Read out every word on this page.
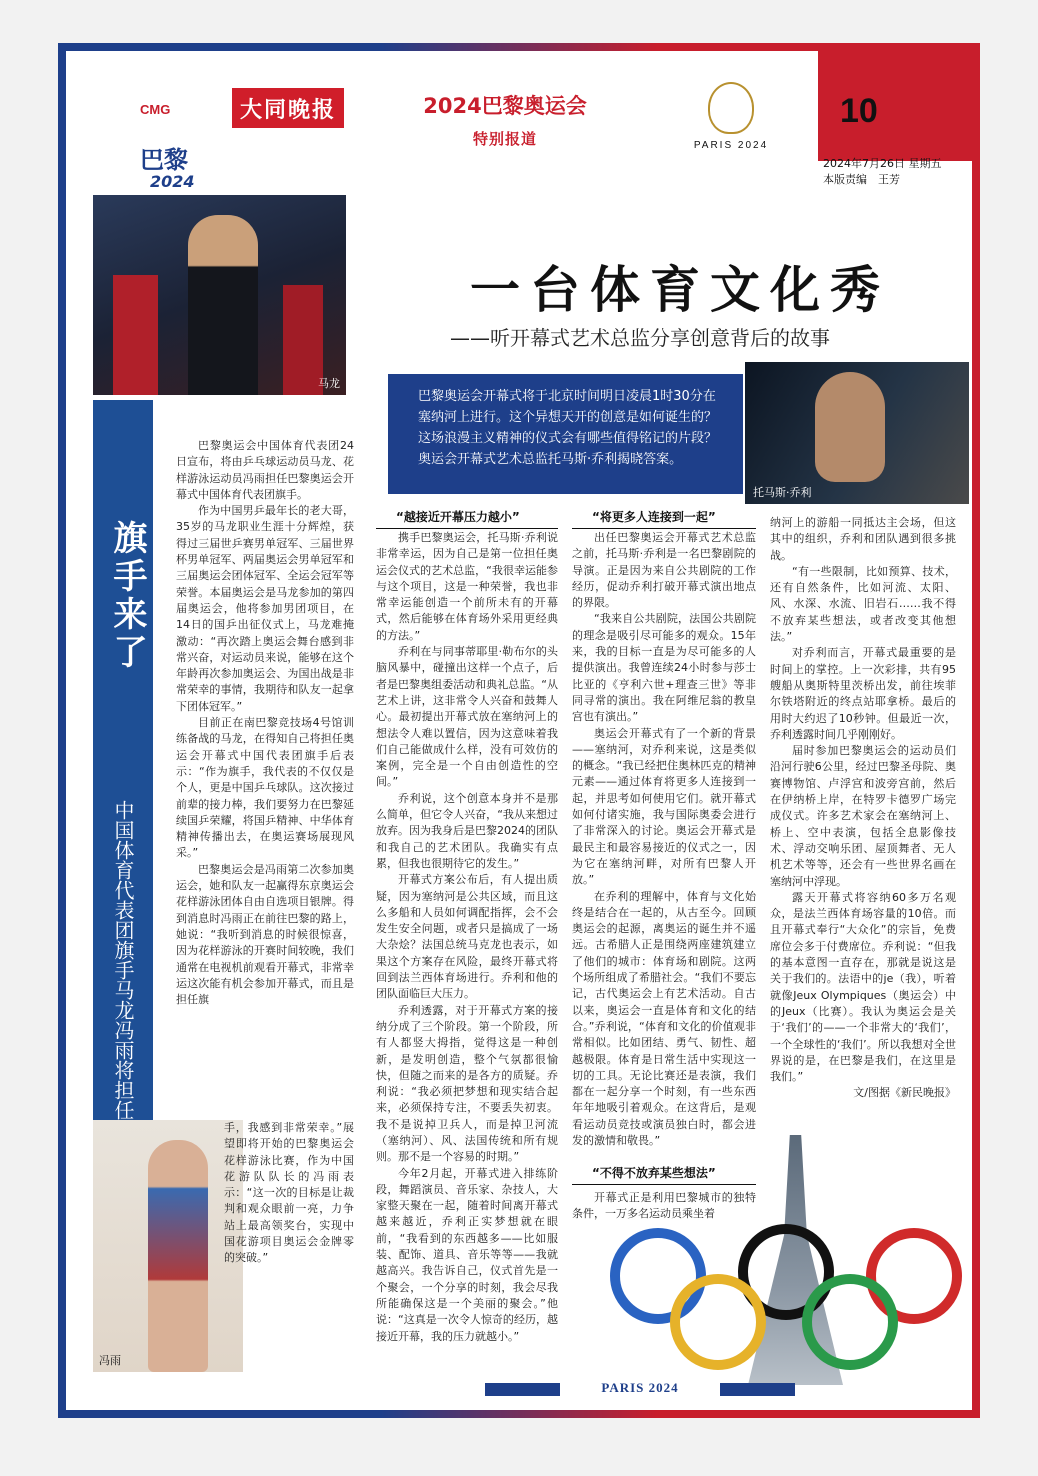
CMG
巴黎
2024
大同晚报	2024巴黎奥运会
特别报道	PARIS 2024
10
2024年7月26日 星期五
本版责编　王芳
马龙
一台体育文化秀
——听开幕式艺术总监分享创意背后的故事
巴黎奥运会开幕式将于北京时间明日凌晨1时30分在塞纳河上进行。这个异想天开的创意是如何诞生的？这场浪漫主义精神的仪式会有哪些值得铭记的片段？奥运会开幕式艺术总监托马斯·乔利揭晓答案。
托马斯·乔利
旗手来了
中国体育代表团旗手马龙冯雨将担任

巴黎奥运会中国体育代表团24日宣布，将由乒乓球运动员马龙、花样游泳运动员冯雨担任巴黎奥运会开幕式中国体育代表团旗手。

作为中国男乒最年长的老大哥，35岁的马龙职业生涯十分辉煌，获得过三届世乒赛男单冠军、三届世界杯男单冠军、两届奥运会男单冠军和三届奥运会团体冠军、全运会冠军等荣誉。本届奥运会是马龙参加的第四届奥运会，他将参加男团项目，在14日的国乒出征仪式上，马龙难掩激动：“再次踏上奥运会舞台感到非常兴奋，对运动员来说，能够在这个年龄再次参加奥运会、为国出战是非常荣幸的事情，我期待和队友一起拿下团体冠军。”

目前正在南巴黎竞技场4号馆训练备战的马龙，在得知自己将担任奥运会开幕式中国代表团旗手后表示：“作为旗手，我代表的不仅仅是个人，更是中国乒乓球队。这次接过前辈的接力棒，我们要努力在巴黎延续国乒荣耀，将国乒精神、中华体育精神传播出去，在奥运赛场展现风采。”

巴黎奥运会是冯雨第二次参加奥运会，她和队友一起赢得东京奥运会花样游泳团体自由自选项目银牌。得到消息时冯雨正在前往巴黎的路上，她说：“我听到消息的时候很惊喜，因为花样游泳的开赛时间较晚，我们通常在电视机前观看开幕式，非常幸运这次能有机会参加开幕式，而且是担任旗

冯雨

手，我感到非常荣幸。”展望即将开始的巴黎奥运会花样游泳比赛，作为中国花游队队长的冯雨表示：“这一次的目标是让裁判和观众眼前一亮，力争站上最高领奖台，实现中国花游项目奥运会金牌零的突破。”

“越接近开幕压力越小”

携手巴黎奥运会，托马斯·乔利说非常幸运，因为自己是第一位担任奥运会仪式的艺术总监，“我很幸运能参与这个项目，这是一种荣誉，我也非常幸运能创造一个前所未有的开幕式，然后能够在体育场外采用更经典的方法。”

乔利在与同事蒂耶里·勒布尔的头脑风暴中，碰撞出这样一个点子，后者是巴黎奥组委活动和典礼总监。“从艺术上讲，这非常令人兴奋和鼓舞人心。最初提出开幕式放在塞纳河上的想法令人难以置信，因为这意味着我们自己能做成什么样，没有可效仿的案例，完全是一个自由创造性的空间。”

乔利说，这个创意本身并不是那么简单，但它令人兴奋，“我从来想过放弃。因为我身后是巴黎2024的团队和我自己的艺术团队。我确实有点累，但我也很期待它的发生。”

开幕式方案公布后，有人提出质疑，因为塞纳河是公共区域，而且这么多船和人员如何调配指挥，会不会发生安全问题，或者只是搞成了一场大杂烩？法国总统马克龙也表示，如果这个方案存在风险，最终开幕式将回到法兰西体育场进行。乔利和他的团队面临巨大压力。

乔利透露，对于开幕式方案的接纳分成了三个阶段。第一个阶段，所有人都竖大拇指，觉得这是一种创新，是发明创造，整个气氛都很愉快，但随之而来的是各方的质疑。乔利说：“我必须把梦想和现实结合起来，必须保持专注，不要丢失初衷。我不是说掉卫兵人，而是掉卫河流（塞纳河）、风、法国传统和所有规则。那不是一个容易的时期。”

今年2月起，开幕式进入排练阶段，舞蹈演员、音乐家、杂技人，大家整天聚在一起，随着时间离开幕式越来越近，乔利正实梦想就在眼前，“我看到的东西越多——比如服装、配饰、道具、音乐等等——我就越高兴。我告诉自己，仪式首先是一个聚会，一个分享的时刻，我会尽我所能确保这是一个美丽的聚会。”他说：“这真是一次令人惊奇的经历，越接近开幕，我的压力就越小。”

“将更多人连接到一起”

出任巴黎奥运会开幕式艺术总监之前，托马斯·乔利是一名巴黎剧院的导演。正是因为来自公共剧院的工作经历，促动乔利打破开幕式演出地点的界限。

“我来自公共剧院，法国公共剧院的理念是吸引尽可能多的观众。15年来，我的目标一直是为尽可能多的人提供演出。我曾连续24小时参与莎士比亚的《亨利六世+理查三世》等非同寻常的演出。我在阿维尼翁的教皇宫也有演出。”

奥运会开幕式有了一个新的背景——塞纳河，对乔利来说，这是类似的概念。“我已经把住奥林匹克的精神元素——通过体育将更多人连接到一起，并思考如何使用它们。就开幕式如何付诸实施，我与国际奥委会进行了非常深入的讨论。奥运会开幕式是最民主和最容易接近的仪式之一，因为它在塞纳河畔，对所有巴黎人开放。”

在乔利的理解中，体育与文化始终是结合在一起的，从古至今。回顾奥运会的起源，离奥运的诞生并不遥远。古希腊人正是围绕两座建筑建立了他们的城市：体育场和剧院。这两个场所组成了希腊社会。“我们不要忘记，古代奥运会上有艺术活动。自古以来，奥运会一直是体育和文化的结合。”乔利说，“体育和文化的价值观非常相似。比如团结、勇气、韧性、超越极限。体育是日常生活中实现这一切的工具。无论比赛还是表演，我们都在一起分享一个时刻，有一些东西年年地吸引着观众。在这背后，是观看运动员竞技或演员独白时，都会进发的激情和敬畏。”

“不得不放弃某些想法”

开幕式正是利用巴黎城市的独特条件，一万多名运动员乘坐着

纳河上的游船一同抵达主会场，但这其中的组织，乔利和团队遇到很多挑战。

“有一些限制，比如预算、技术，还有自然条件，比如河流、太阳、风、水深、水流、旧岩石……我不得不放弃某些想法，或者改变其他想法。”

对乔利而言，开幕式最重要的是时间上的掌控。上一次彩排，共有95艘船从奥斯特里茨桥出发，前往埃菲尔铁塔附近的终点站耶拿桥。最后的用时大约迟了10秒钟。但最近一次，乔利透露时间几乎刚刚好。

届时参加巴黎奥运会的运动员们沿河行驶6公里，经过巴黎圣母院、奥赛博物馆、卢浮宫和波旁宫前，然后在伊纳桥上岸，在特罗卡德罗广场完成仪式。许多艺术家会在塞纳河上、桥上、空中表演，包括全息影像技术、浮动交响乐团、屋顶舞者、无人机艺术等等，还会有一些世界名画在塞纳河中浮现。

露天开幕式将容纳60多万名观众，是法兰西体育场容量的10倍。而且开幕式奉行“大众化”的宗旨，免费席位会多于付费席位。乔利说：“但我的基本意图一直存在，那就是说这是关于我们的。法语中的je（我），听着就像Jeux Olympiques（奥运会）中的Jeux（比赛）。我认为奥运会是关于‘我们’的——一个非常大的‘我们’，一个全球性的‘我们’。所以我想对全世界说的是，在巴黎是我们，在这里是我们。”

文/图据《新民晚报》

PARIS 2024
